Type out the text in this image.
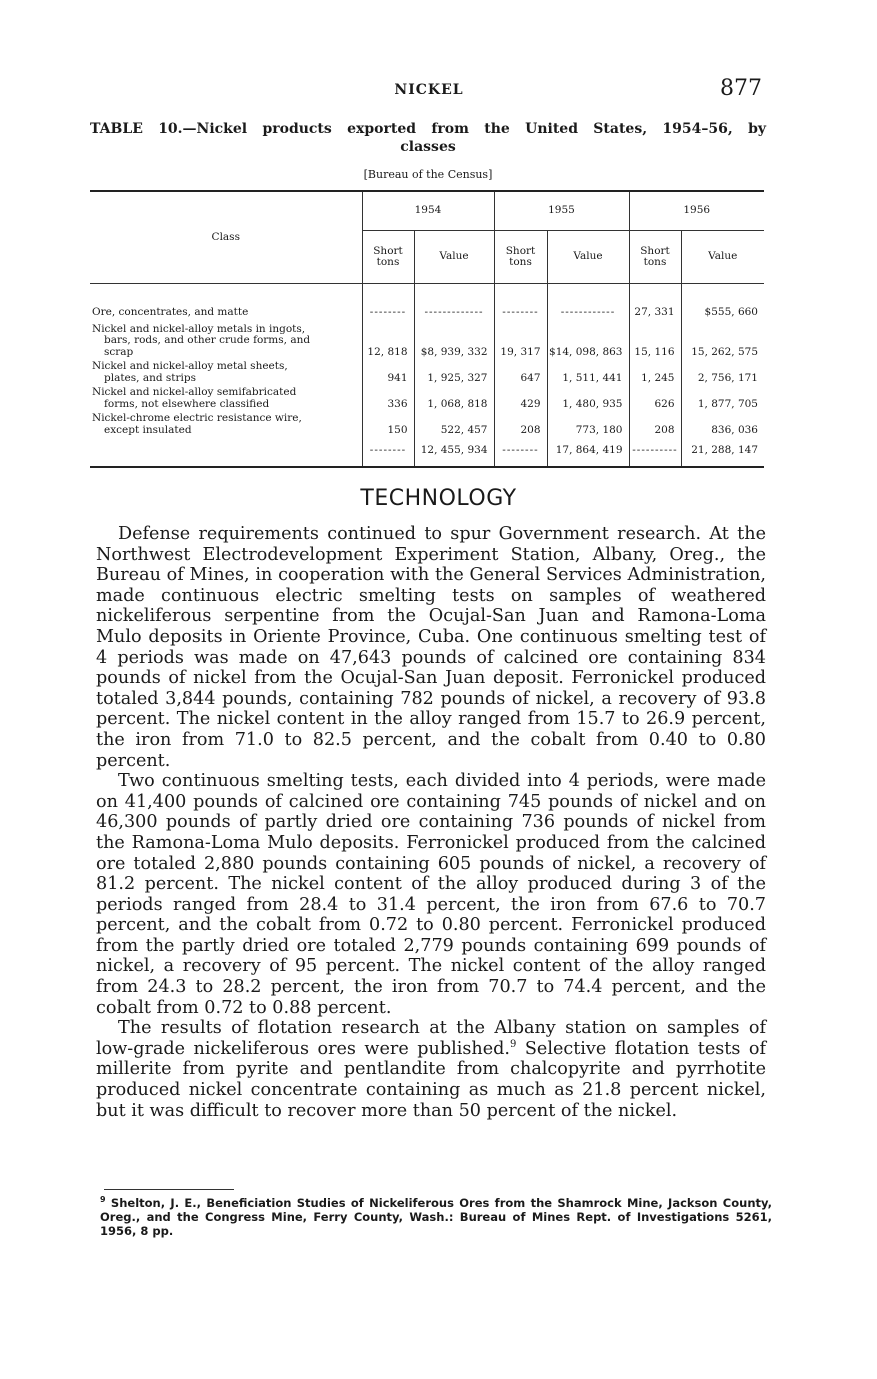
NICKEL	877
TABLE 10.—Nickel products exported from the United States, 1954–56, by
classes
[Bureau of the Census]
Class	1954		1955		1956	
	Short tons	Value	Short tons	Value	Short tons	Value
Ore, concentrates, and matte	--------	-------------	--------	------------	27, 331	$555, 660
Nickel and nickel-alloy metals in ingots,
bars, rods, and other crude forms, and
scrap	12, 818	$8, 939, 332	19, 317	$14, 098, 863	15, 116	15, 262, 575
Nickel and nickel-alloy metal sheets,
plates, and strips	941	1, 925, 327	647	1, 511, 441	1, 245	2, 756, 171
Nickel and nickel-alloy semifabricated
forms, not elsewhere classified	336	1, 068, 818	429	1, 480, 935	626	1, 877, 705
Nickel-chrome electric resistance wire,
except insulated	150	522, 457	208	773, 180	208	836, 036
	--------	12, 455, 934	--------	17, 864, 419	----------	21, 288, 147
TECHNOLOGY

Defense requirements continued to spur Government research. At the Northwest Electrodevelopment Experiment Station, Albany, Oreg., the Bureau of Mines, in cooperation with the General Services Administration, made continuous electric smelting tests on samples of weathered nickeliferous serpentine from the Ocujal-San Juan and Ramona-Loma Mulo deposits in Oriente Province, Cuba. One continuous smelting test of 4 periods was made on 47,643 pounds of calcined ore containing 834 pounds of nickel from the Ocujal-San Juan deposit. Ferronickel produced totaled 3,844 pounds, containing 782 pounds of nickel, a recovery of 93.8 percent. The nickel content in the alloy ranged from 15.7 to 26.9 percent, the iron from 71.0 to 82.5 percent, and the cobalt from 0.40 to 0.80 percent.

Two continuous smelting tests, each divided into 4 periods, were made on 41,400 pounds of calcined ore containing 745 pounds of nickel and on 46,300 pounds of partly dried ore containing 736 pounds of nickel from the Ramona-Loma Mulo deposits. Ferronickel produced from the calcined ore totaled 2,880 pounds containing 605 pounds of nickel, a recovery of 81.2 percent. The nickel content of the alloy produced during 3 of the periods ranged from 28.4 to 31.4 percent, the iron from 67.6 to 70.7 percent, and the cobalt from 0.72 to 0.80 percent. Ferronickel produced from the partly dried ore totaled 2,779 pounds containing 699 pounds of nickel, a recovery of 95 percent. The nickel content of the alloy ranged from 24.3 to 28.2 percent, the iron from 70.7 to 74.4 percent, and the cobalt from 0.72 to 0.88 percent.

The results of flotation research at the Albany station on samples of low-grade nickeliferous ores were published.$^9$ Selective flotation tests of millerite from pyrite and pentlandite from chalcopyrite and pyrrhotite produced nickel concentrate containing as much as 21.8 percent nickel, but it was difficult to recover more than 50 percent of the nickel.

$^9$ Shelton, J. E., Beneficiation Studies of Nickeliferous Ores from the Shamrock Mine, Jackson County, Oreg., and the Congress Mine, Ferry County, Wash.: Bureau of Mines Rept. of Investigations 5261, 1956, 8 pp.
